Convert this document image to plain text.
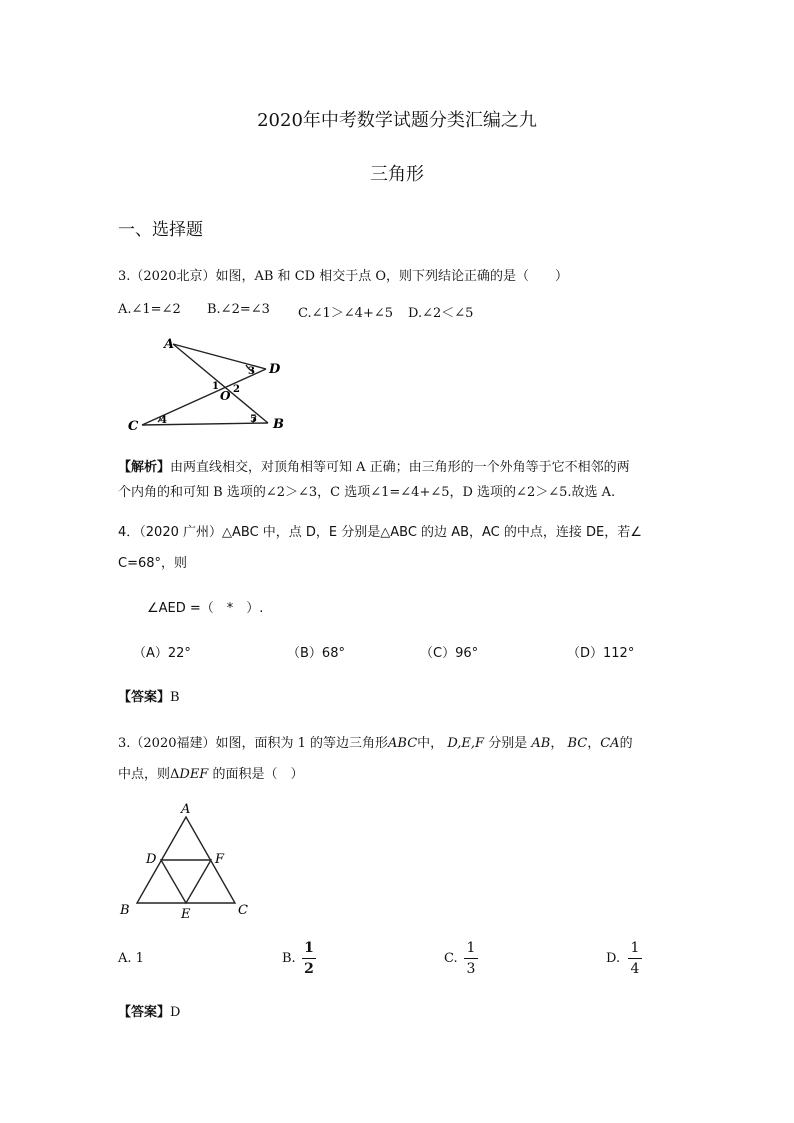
2020年中考数学试题分类汇编之九
三角形
一、选择题
3.（2020北京）如图，AB 和 CD 相交于点 O，则下列结论正确的是（　　）
A.∠1=∠2 B.∠2=∠3 C.∠1＞∠4+∠5 D.∠2＜∠5
A
D
C	B
O
1 2
3
4	5
【解析】由两直线相交，对顶角相等可知 A 正确；由三角形的一个外角等于它不相邻的两
个内角的和可知 B 选项的∠2＞∠3，C 选项∠1=∠4+∠5，D 选项的∠2＞∠5.故选 A.
4．（2020 广州）△ABC 中，点 D，E 分别是△ABC 的边 AB，AC 的中点，连接 DE，若∠
C=68°，则
∠AED =（　*　）.
（A）22°	（B）68°	（C）96°	（D）112°
【答案】B
3.（2020福建）如图，面积为 1 的等边三角形ABC中， D,E,F 分别是 AB， BC，CA的
中点，则ΔDEF 的面积是（　）
A
D	F
B	E	C
A. 1	B.
1
2
C.
1
3
D.
1
4
【答案】D
